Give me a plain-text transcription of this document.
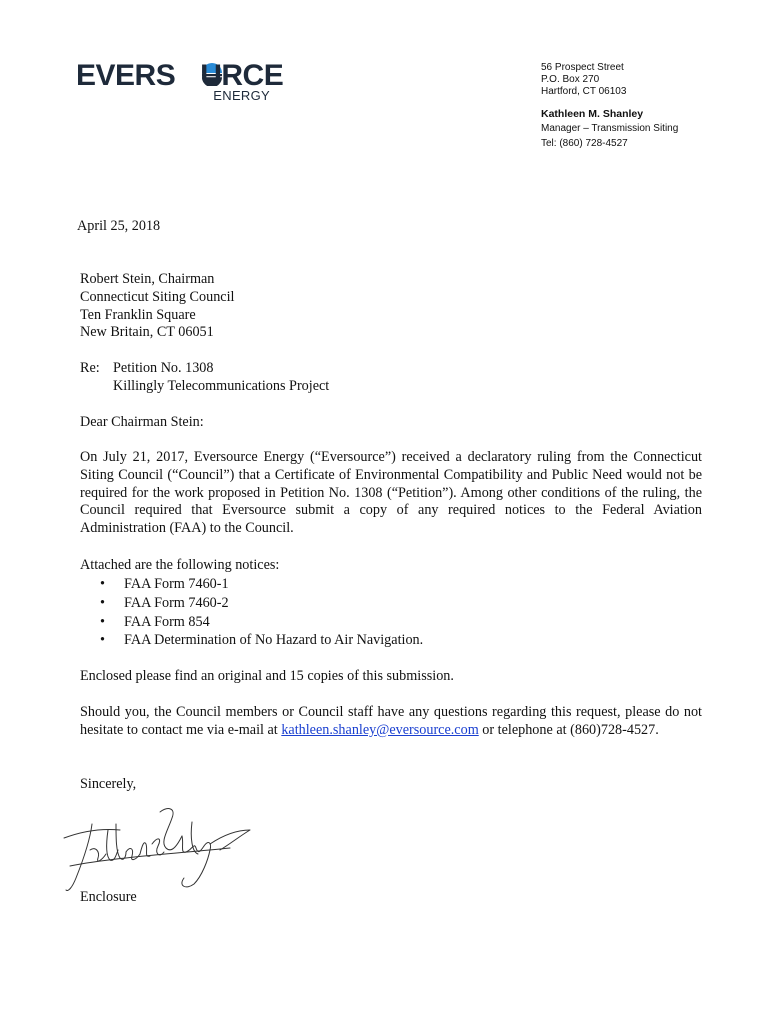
EVERS URCE
ENERGY
56 Prospect Street
P.O. Box 270
Hartford, CT 06103
Kathleen M. Shanley
Manager – Transmission Siting
Tel: (860) 728-4527
April 25, 2018
Robert Stein, Chairman
Connecticut Siting Council
Ten Franklin Square
New Britain, CT 06051
Re: Petition No. 1308
Killingly Telecommunications Project
Dear Chairman Stein:
On July 21, 2017, Eversource Energy (“Eversource”) received a declaratory ruling from the Connecticut Siting Council (“Council”) that a Certificate of Environmental Compatibility and Public Need would not be required for the work proposed in Petition No. 1308 (“Petition”). Among other conditions of the ruling, the Council required that Eversource submit a copy of any required notices to the Federal Aviation Administration (FAA) to the Council.
Attached are the following notices:
• FAA Form 7460-1
• FAA Form 7460-2
• FAA Form 854
• FAA Determination of No Hazard to Air Navigation.
Enclosed please find an original and 15 copies of this submission.
Should you, the Council members or Council staff have any questions regarding this request, please do not hesitate to contact me via e-mail at kathleen.shanley@eversource.com or telephone at (860)728-4527.
Sincerely,
Enclosure
